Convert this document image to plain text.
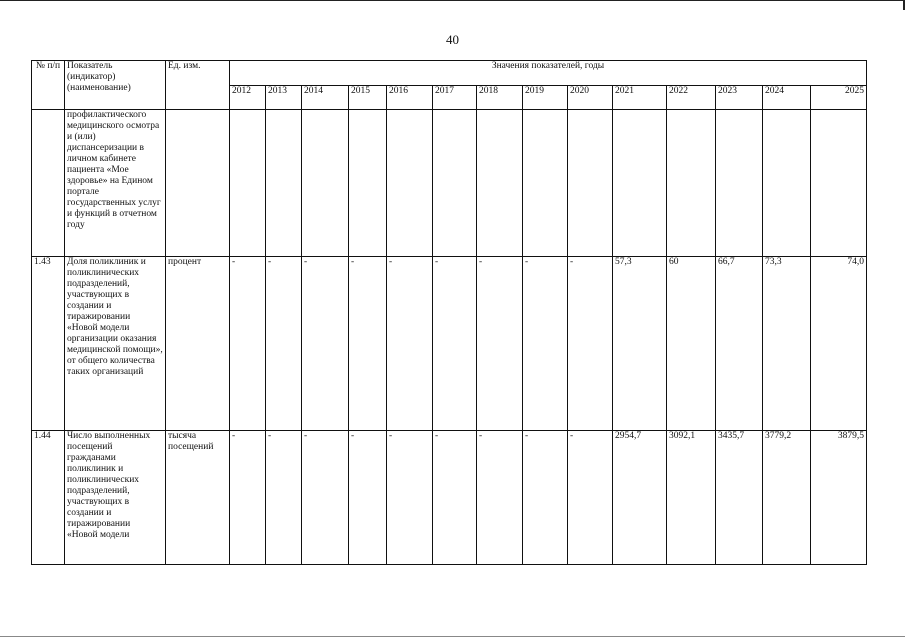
40
№ п/п	Показатель (индикатор) (наименование)	Ед. изм.	Значения показателей, годы													
			2012	2013	2014	2015	2016	2017	2018	2019	2020	2021	2022	2023	2024	2025
	профилактического медицинского осмотра и (или) диспансеризации в личном кабинете пациента «Мое здоровье» на Едином портале государственных услуг и функций в отчетном году															
1.43	Доля поликлиник и поликлинических подразделений, участвующих в создании и тиражировании «Новой модели организации оказания медицинской помощи», от общего количества таких организаций	процент	-	-	-	-	-	-	-	-	-	57,3	60	66,7	73,3	74,0
1.44	Число выполненных посещений гражданами поликлиник и поликлинических подразделений, участвующих в создании и тиражировании «Новой модели	тысяча посещений	-	-	-	-	-	-	-	-	-	2954,7	3092,1	3435,7	3779,2	3879,5
